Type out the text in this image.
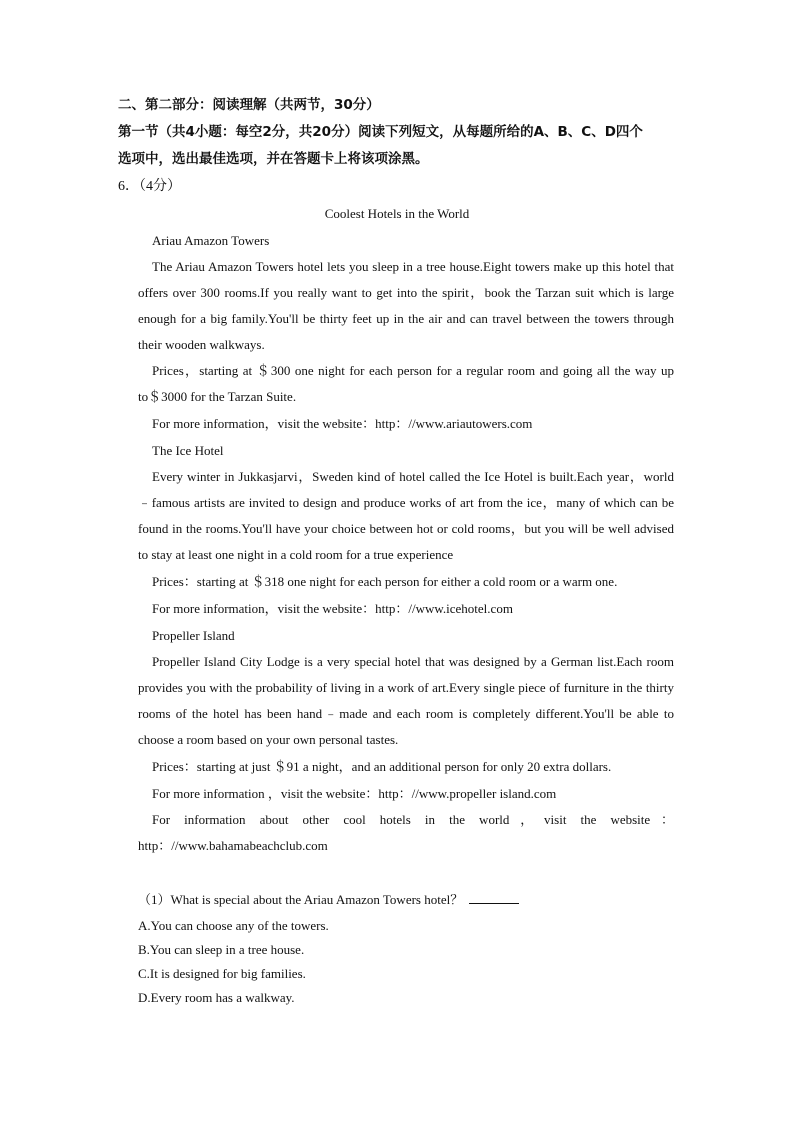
二、第二部分：阅读理解（共两节，30分）

第一节（共4小题：每空2分，共20分）阅读下列短文，从每题所给的A、B、C、D四个

选项中，选出最佳选项，并在答题卡上将该项涂黑。

6．（4分）

Coolest Hotels in the World

Ariau Amazon Towers

The Ariau Amazon Towers hotel lets you sleep in a tree house.Eight towers make up this hotel that offers over 300 rooms.If you really want to get into the spirit，book the Tarzan suit which is large enough for a big family.You'll be thirty feet up in the air and can travel between the towers through their wooden walkways.

Prices，starting at ＄300 one night for each person for a regular room and going all the way up to＄3000 for the Tarzan Suite.

For more information，visit the website：http：//www.ariautowers.com

The Ice Hotel

Every winter in Jukkasjarvi，Sweden kind of hotel called the Ice Hotel is built.Each year，world﹣famous artists are invited to design and produce works of art from the ice，many of which can be found in the rooms.You'll have your choice between hot or cold rooms，but you will be well advised to stay at least one night in a cold room for a true experience

Prices：starting at ＄318 one night for each person for either a cold room or a warm one.

For more information，visit the website：http：//www.icehotel.com

Propeller Island

Propeller Island City Lodge is a very special hotel that was designed by a German list.Each room provides you with the probability of living in a work of art.Every single piece of furniture in the thirty rooms of the hotel has been hand﹣made and each room is completely different.You'll be able to choose a room based on your own personal tastes.

Prices：starting at just ＄91 a night，and an additional person for only 20 extra dollars.

For more information ，visit the website：http：//www.propeller island.com

For information about other cool hotels in the world，visit the website：http：//www.bahamabeachclub.com

（1）What is special about the Ariau Amazon Towers hotel？

A.You can choose any of the towers.
B.You can sleep in a tree house.
C.It is designed for big families.
D.Every room has a walkway.
